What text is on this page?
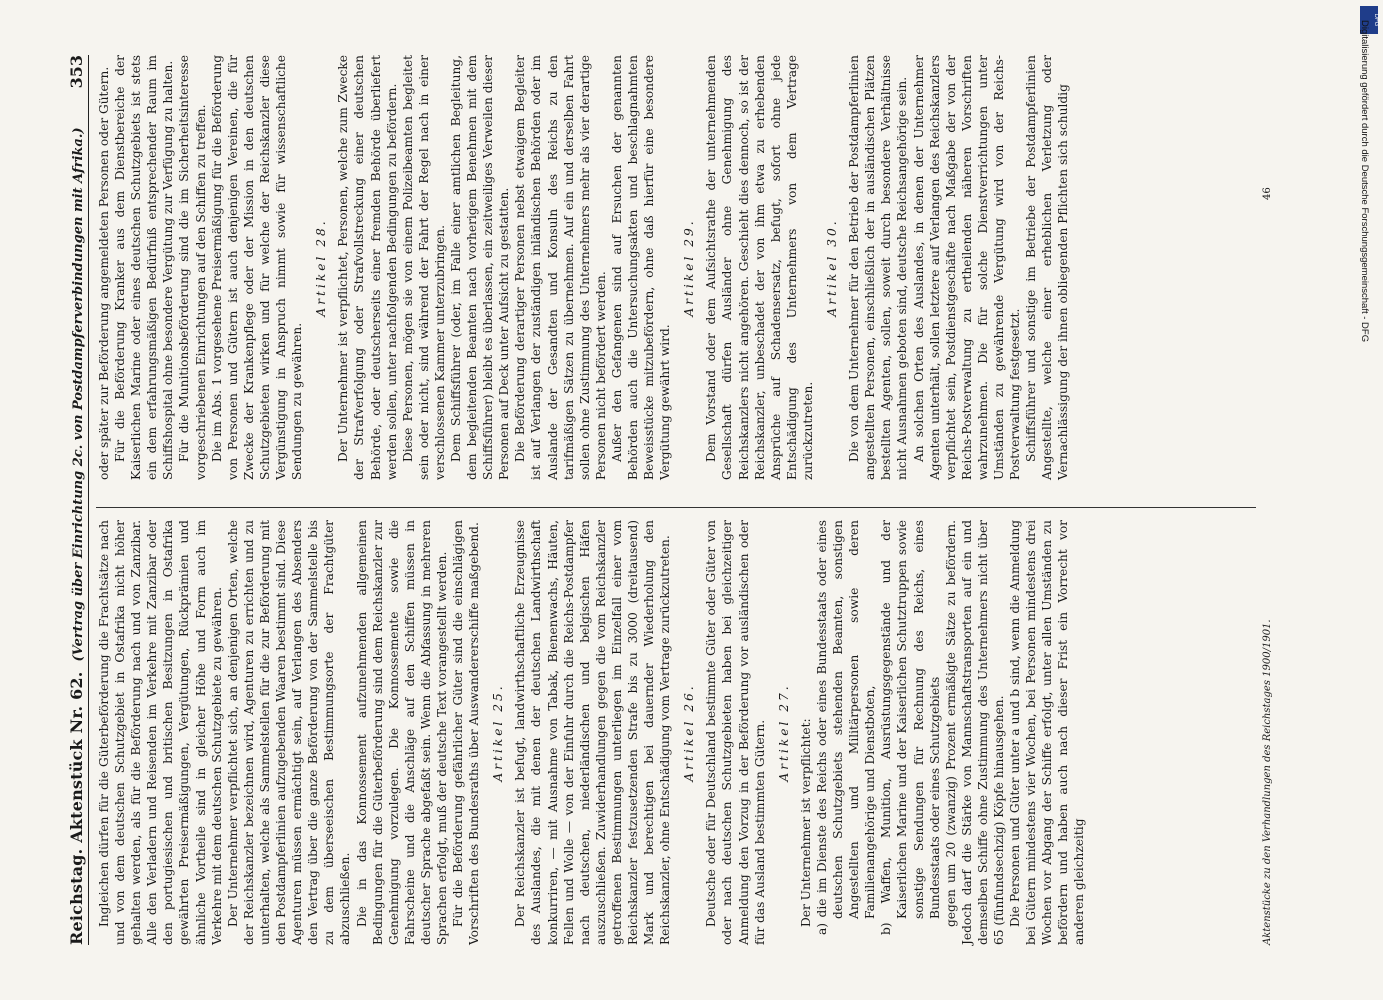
Reichstag. Aktenstück Nr. 62.
(Vertrag über Einrichtung 2c. von Postdampferverbindungen mit Afrika.)
353

Ingleichen dürfen für die Güterbeförderung die Frachtsätze nach und von dem deutschen Schutzgebiet in Ostafrika nicht höher gehalten werden, als für die Beförderung nach und von Zanzibar. Alle den Verladern und Reisenden im Verkehre mit Zanzibar oder den portugiesischen und britischen Besitzungen in Ostafrika gewährten Preisermäßigungen, Vergütungen, Rückprämien und ähnliche Vortheile sind in gleicher Höhe und Form auch im Verkehre mit dem deutschen Schutzgebiete zu gewähren. Der Unternehmer verpflichtet sich, an denjenigen Orten, welche der Reichskanzler bezeichnen wird, Agenturen zu errichten und zu unterhalten, welche als Sammelstellen für die zur Beförderung mit den Postdampferlinien aufzugebenden Waaren bestimmt sind. Diese Agenturen müssen ermächtigt sein, auf Verlangen des Absenders den Vertrag über die ganze Beförderung von der Sammelstelle bis zu dem überseeischen Bestimmungsorte der Frachtgüter abzuschließen. Die in das Konnossement aufzunehmenden allgemeinen Bedingungen für die Güterbeförderung sind dem Reichskanzler zur Genehmigung vorzulegen. Die Konnossemente sowie die Fahrscheine und die Anschläge auf den Schiffen müssen in deutscher Sprache abgefaßt sein. Wenn die Abfassung in mehreren Sprachen erfolgt, muß der deutsche Text vorangestellt werden. Für die Beförderung gefährlicher Güter sind die einschlägigen Vorschriften des Bundesraths über Auswandererschiffe maßgebend. Artikel 25. Der Reichskanzler ist befugt, landwirthschaftliche Erzeugnisse des Auslandes, die mit denen der deutschen Landwirthschaft konkurriren, — mit Ausnahme von Tabak, Bienenwachs, Häuten, Fellen und Wolle — von der Einfuhr durch die Reichs-Postdampfer nach deutschen, niederländischen und belgischen Häfen auszuschließen. Zuwiderhandlungen gegen die vom Reichskanzler getroffenen Bestimmungen unterliegen im Einzelfall einer vom Reichskanzler festzusetzenden Strafe bis zu 3000 (dreitausend) Mark und berechtigen bei dauernder Wiederholung den Reichskanzler, ohne Entschädigung vom Vertrage zurückzutreten. Artikel 26. Deutsche oder für Deutschland bestimmte Güter oder Güter von oder nach deutschen Schutzgebieten haben bei gleichzeitiger Anmeldung den Vorzug in der Beförderung vor ausländischen oder für das Ausland bestimmten Gütern. Artikel 27. Der Unternehmer ist verpflichtet: a) die im Dienste des Reichs oder eines Bundesstaats oder eines deutschen Schutzgebiets stehenden Beamten, sonstigen Angestellten und Militärpersonen sowie deren Familienangehörige und Dienstboten, b) Waffen, Munition, Ausrüstungsgegenstände und der Kaiserlichen Marine und der Kaiserlichen Schutztruppen sowie sonstige Sendungen für Rechnung des Reichs, eines Bundesstaats oder eines Schutzgebiets gegen um 20 (zwanzig) Prozent ermäßigte Sätze zu befördern. Jedoch darf die Stärke von Mannschaftstransporten auf ein und demselben Schiffe ohne Zustimmung des Unternehmers nicht über 65 (fünfundsechzig) Köpfe hinausgehen. Die Personen und Güter unter a und b sind, wenn die Anmeldung bei Gütern mindestens vier Wochen, bei Personen mindestens drei Wochen vor Abgang der Schiffe erfolgt, unter allen Umständen zu befördern und haben auch nach dieser Frist ein Vorrecht vor anderen gleichzeitig

oder später zur Beförderung angemeldeten Personen oder Gütern. Für die Beförderung Kranker aus dem Dienstbereiche der Kaiserlichen Marine oder eines deutschen Schutzgebiets ist stets ein dem erfahrungsmäßigen Bedürfniß entsprechender Raum im Schiffshospital ohne besondere Vergütung zur Verfügung zu halten. Für die Munitionsbeförderung sind die im Sicherheitsinteresse vorgeschriebenen Einrichtungen auf den Schiffen zu treffen. Die im Abs. 1 vorgesehene Preisermäßigung für die Beförderung von Personen und Gütern ist auch denjenigen Vereinen, die für Zwecke der Krankenpflege oder der Mission in den deutschen Schutzgebieten wirken und für welche der Reichskanzler diese Vergünstigung in Anspruch nimmt sowie für wissenschaftliche Sendungen zu gewähren.

Artikel 28. Der Unternehmer ist verpflichtet, Personen, welche zum Zwecke der Strafverfolgung oder Strafvollstreckung einer deutschen Behörde, oder deutscherseits einer fremden Behörde überliefert werden sollen, unter nachfolgenden Bedingungen zu befördern. Diese Personen, mögen sie von einem Polizeibeamten begleitet sein oder nicht, sind während der Fahrt der Regel nach in einer verschlossenen Kammer unterzubringen. Dem Schiffsführer (oder, im Falle einer amtlichen Begleitung, dem begleitenden Beamten nach vorherigem Benehmen mit dem Schiffsführer) bleibt es überlassen, ein zeitweiliges Verweilen dieser Personen auf Deck unter Aufsicht zu gestatten. Die Beförderung derartiger Personen nebst etwaigem Begleiter ist auf Verlangen der zuständigen inländischen Behörden oder im Auslande der Gesandten und Konsuln des Reichs zu den tarifmäßigen Sätzen zu übernehmen. Auf ein und derselben Fahrt sollen ohne Zustimmung des Unternehmers mehr als vier derartige Personen nicht befördert werden. Außer den Gefangenen sind auf Ersuchen der genannten Behörden auch die Untersuchungsakten und beschlagnahmten Beweisstücke mitzubefördern, ohne daß hierfür eine besondere Vergütung gewährt wird.

Artikel 29. Dem Vorstand oder dem Aufsichtsrathe der unternehmenden Gesellschaft dürfen Ausländer ohne Genehmigung des Reichskanzlers nicht angehören. Geschieht dies dennoch, so ist der Reichskanzler, unbeschadet der von ihm etwa zu erhebenden Ansprüche auf Schadensersatz, befugt, sofort ohne jede Entschädigung des Unternehmers von dem Vertrage zurückzutreten.

Artikel 30. Die von dem Unternehmer für den Betrieb der Postdampferlinien angestellten Personen, einschließlich der in ausländischen Plätzen bestellten Agenten, sollen, soweit durch besondere Verhältnisse nicht Ausnahmen geboten sind, deutsche Reichsangehörige sein. An solchen Orten des Auslandes, in denen der Unternehmer Agenten unterhält, sollen letztere auf Verlangen des Reichskanzlers verpflichtet sein, Postdienstgeschäfte nach Maßgabe der von der Reichs-Postverwaltung zu ertheilenden näheren Vorschriften wahrzunehmen. Die für solche Dienstverrichtungen unter Umständen zu gewährende Vergütung wird von der Reichs-Postverwaltung festgesetzt. Schiffsführer und sonstige im Betriebe der Postdampferlinien Angestellte, welche einer erheblichen Verletzung oder Vernachlässigung der ihnen obliegenden Pflichten sich schuldig

Aktenstücke zu den Verhandlungen des Reichstages 1900/1901.
46
DFG
Digitalisierung gefördert durch die Deutsche Forschungsgemeinschaft - DFG
